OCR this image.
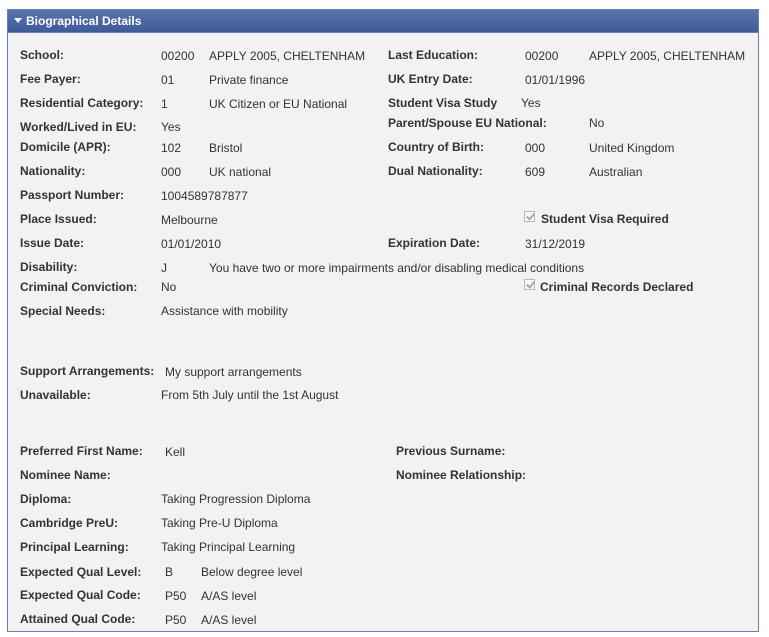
Biographical Details
School:	00200 APPLY 2005, CHELTENHAM Last Education:	00200	APPLY 2005, CHELTENHAM
Fee Payer:	01	Private finance	UK Entry Date:	01/01/1996
Residential Category: 1	UK Citizen or EU National	Student Visa Study Yes
Worked/Lived in EU: Yes	Parent/Spouse EU National:	No
Domicile (APR):	102 Bristol	Country of Birth:	000	United Kingdom
Nationality:	000 UK national	Dual Nationality:	609	Australian
Passport Number:	1004589787877
Place Issued:	Melbourne	Student Visa Required
Issue Date:	01/01/2010	Expiration Date:	31/12/2019
Disability:	J	You have two or more impairments and/or disabling medical conditions
Criminal Conviction: No	Criminal Records Declared
Special Needs:	Assistance with mobility
Support Arrangements: My support arrangements
Unavailable:	From 5th July until the 1st August
Preferred First Name: Kell	Previous Surname:
Nominee Name:	Nominee Relationship:
Diploma:	Taking Progression Diploma
Cambridge PreU:	Taking Pre-U Diploma
Principal Learning:	Taking Principal Learning
Expected Qual Level: B Below degree level
Expected Qual Code: P50 A/AS level
Attained Qual Code: P50 A/AS level
